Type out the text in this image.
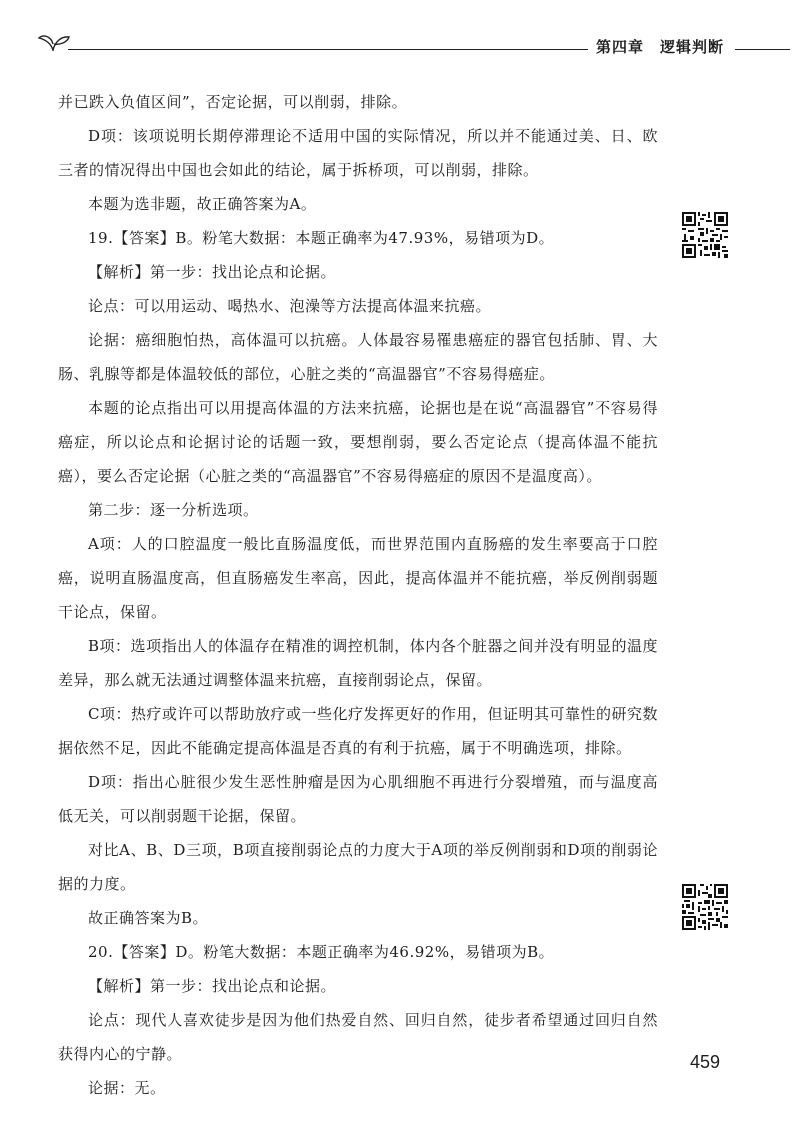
第四章 逻辑判断

并已跌入负值区间”，否定论据，可以削弱，排除。

D项：该项说明长期停滞理论不适用中国的实际情况，所以并不能通过美、日、欧三者的情况得出中国也会如此的结论，属于拆桥项，可以削弱，排除。

本题为选非题，故正确答案为A。

19.【答案】B。粉笔大数据：本题正确率为47.93%，易错项为D。

【解析】第一步：找出论点和论据。

论点：可以用运动、喝热水、泡澡等方法提高体温来抗癌。

论据：癌细胞怕热，高体温可以抗癌。人体最容易罹患癌症的器官包括肺、胃、大肠、乳腺等都是体温较低的部位，心脏之类的“高温器官”不容易得癌症。

本题的论点指出可以用提高体温的方法来抗癌，论据也是在说“高温器官”不容易得癌症，所以论点和论据讨论的话题一致，要想削弱，要么否定论点（提高体温不能抗癌），要么否定论据（心脏之类的“高温器官”不容易得癌症的原因不是温度高）。

第二步：逐一分析选项。

A项：人的口腔温度一般比直肠温度低，而世界范围内直肠癌的发生率要高于口腔癌，说明直肠温度高，但直肠癌发生率高，因此，提高体温并不能抗癌，举反例削弱题干论点，保留。

B项：选项指出人的体温存在精准的调控机制，体内各个脏器之间并没有明显的温度差异，那么就无法通过调整体温来抗癌，直接削弱论点，保留。

C项：热疗或许可以帮助放疗或一些化疗发挥更好的作用，但证明其可靠性的研究数据依然不足，因此不能确定提高体温是否真的有利于抗癌，属于不明确选项，排除。

D项：指出心脏很少发生恶性肿瘤是因为心肌细胞不再进行分裂增殖，而与温度高低无关，可以削弱题干论据，保留。

对比A、B、D三项，B项直接削弱论点的力度大于A项的举反例削弱和D项的削弱论据的力度。

故正确答案为B。

20.【答案】D。粉笔大数据：本题正确率为46.92%，易错项为B。

【解析】第一步：找出论点和论据。

论点：现代人喜欢徒步是因为他们热爱自然、回归自然，徒步者希望通过回归自然获得内心的宁静。

论据：无。

459
